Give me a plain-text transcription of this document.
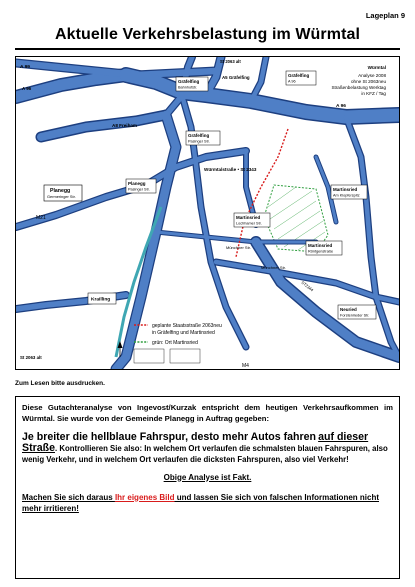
Lageplan 9
Aktuelle Verkehrsbelastung im Würmtal
Gräfelfing
Bahnhofstr.
Gräfelfing
A 96
Gräfelfing
Pasinger Str.
Planegg
Pasinger Str.
Planegg
Germeringer Str.
Martinsried
Lochhamer Str.
Martinsried
Am Klopferspitz
Martinsried
Röntgenstraße
Neuried
Forstenrieder Str.
Krailling
A 99
A8 Freiham
A 96
A 96
St 2063 alt
A5 Gräfelfing
Würmtalstraße • St 2343
M21
St 2063 alt
M4
Münchner Str.
Münchner Str.
ST2344
Würmtal
Analyse 2008
ohne St 2063neu
Straßenbelastung Werktag
in KFZ / Tag
geplante Staatsstraße 2063neu
in Gräfelfing und Martinsried
grün: Ort Martinsried
Zum Lesen bitte ausdrucken.

Diese Gutachteranalyse von Ingevost/Kurzak entspricht dem heutigen Verkehrsaufkommen im Würmtal. Sie wurde von der Gemeinde Planegg in Auftrag gegeben:

Je breiter die hellblaue Fahrspur, desto mehr Autos fahren auf dieser Straße. Kontrollieren Sie also: In welchem Ort verlaufen die schmalsten blauen Fahrspuren, also wenig Verkehr, und in welchem Ort verlaufen die dicksten Fahrspuren, also viel Verkehr!

Obige Analyse ist Fakt.

Machen Sie sich daraus Ihr eigenes Bild und lassen Sie sich von falschen Informationen nicht mehr irritieren!
